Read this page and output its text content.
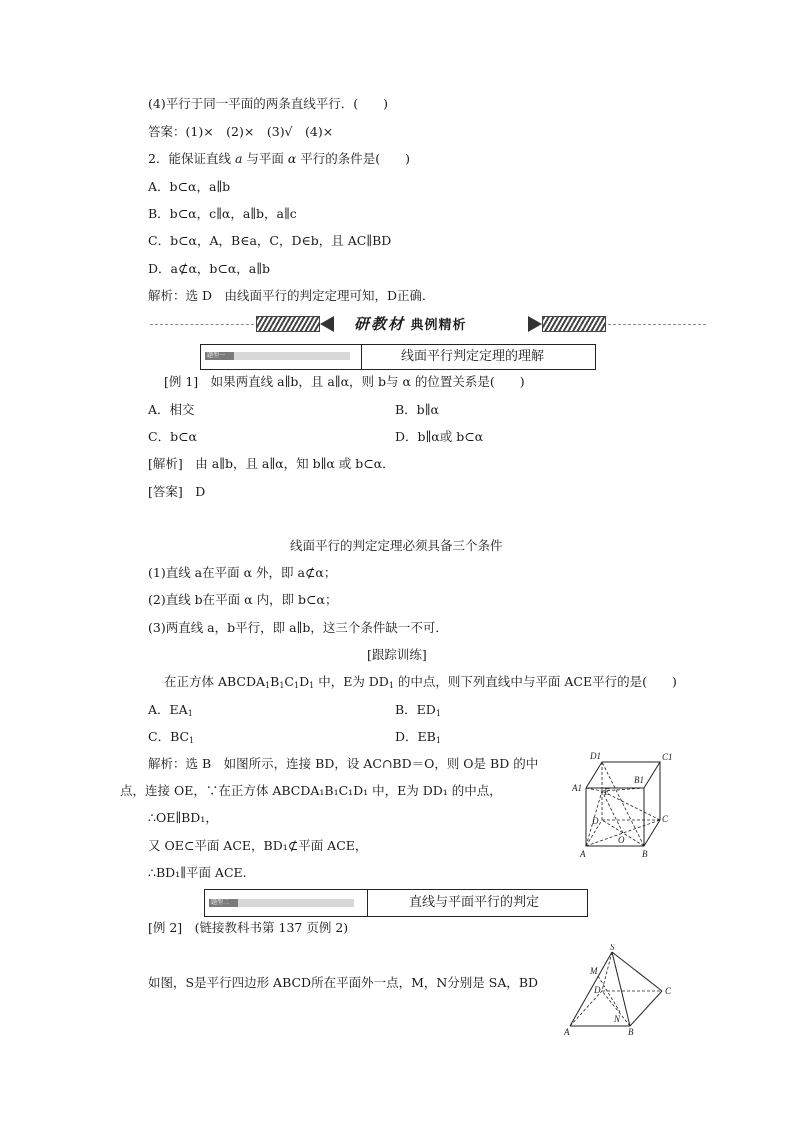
(4)平行于同一平面的两条直线平行．(　　)
答案：(1)×　(2)×　(3)√　(4)×
2．能保证直线 a 与平面 α 平行的条件是(　　)
A．b⊂α，a∥b
B．b⊂α，c∥α，a∥b，a∥c
C．b⊂α，A，B∈a，C，D∈b，且 AC∥BD
D．a⊄α，b⊂α，a∥b
解析：选 D　由线面平行的判定定理可知，D正确．
研教材 典例精析
题型一	线面平行判定定理的理解
[例 1]　如果两直线 a∥b，且 a∥α，则 b与 α 的位置关系是(　　)
A．相交	B．b∥α
C．b⊂α	D．b∥α或 b⊂α
[解析]　由 a∥b，且 a∥α，知 b∥α 或 b⊂α．
[答案]　D
线面平行的判定定理必须具备三个条件
(1)直线 a在平面 α 外，即 a⊄α；
(2)直线 b在平面 α 内，即 b⊂α；
(3)两直线 a，b平行，即 a∥b，这三个条件缺一不可．
[跟踪训练]
在正方体 $ABCDA_1B_1C_1D_1$ 中，E为 $DD_1$ 的中点，则下列直线中与平面 ACE平行的是(　　)
A．$EA_1$	B．$ED_1$
C．$BC_1$	D．$EB_1$
解析：选 B　如图所示，连接 BD，设 AC∩BD＝O，则 O是 BD 的中
点，连接 OE，∵在正方体 ABCDA₁B₁C₁D₁ 中，E为 DD₁ 的中点，
∴OE∥BD₁，
又 OE⊂平面 ACE，BD₁⊄平面 ACE，
∴BD₁∥平面 ACE.
D1	C1
B1
A1 E
D	C
O
A	B
题型二	直线与平面平行的判定
[例 2]　(链接教科书第 137 页例 2)
如图，S是平行四边形 ABCD所在平面外一点，M，N分别是 SA，BD
S
M
D	C
N
A	B
